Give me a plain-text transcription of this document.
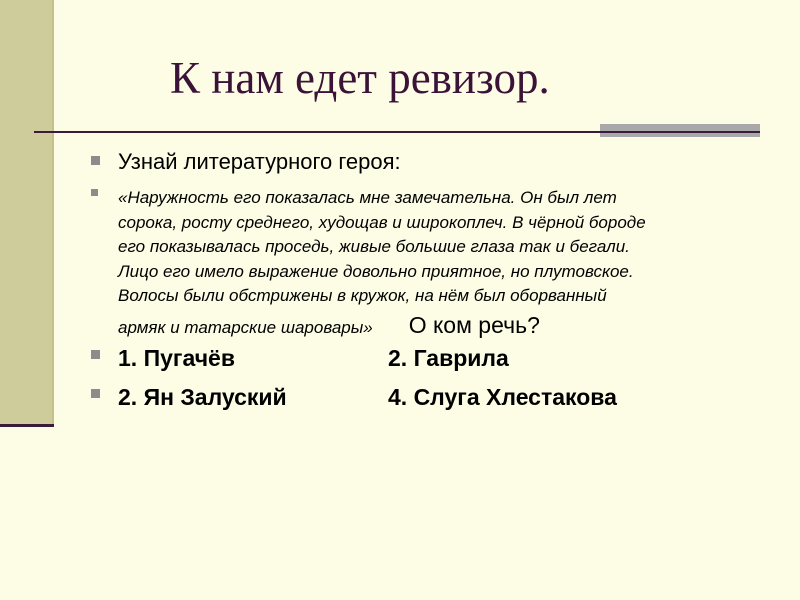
К нам едет ревизор.
Узнай литературного героя:
«Наружность его показалась мне замечательна. Он был лет
сорока, росту среднего, худощав и широкоплеч. В чёрной бороде
его показывалась проседь, живые большие глаза так и бегали.
Лицо его имело выражение довольно приятное, но плутовское.
Волосы были обстрижены в кружок, на нём был оборванный
армяк и татарские шаровары» О ком речь?
1. Пугачёв	2. Гаврила
2. Ян Залуский	4. Слуга Хлестакова
